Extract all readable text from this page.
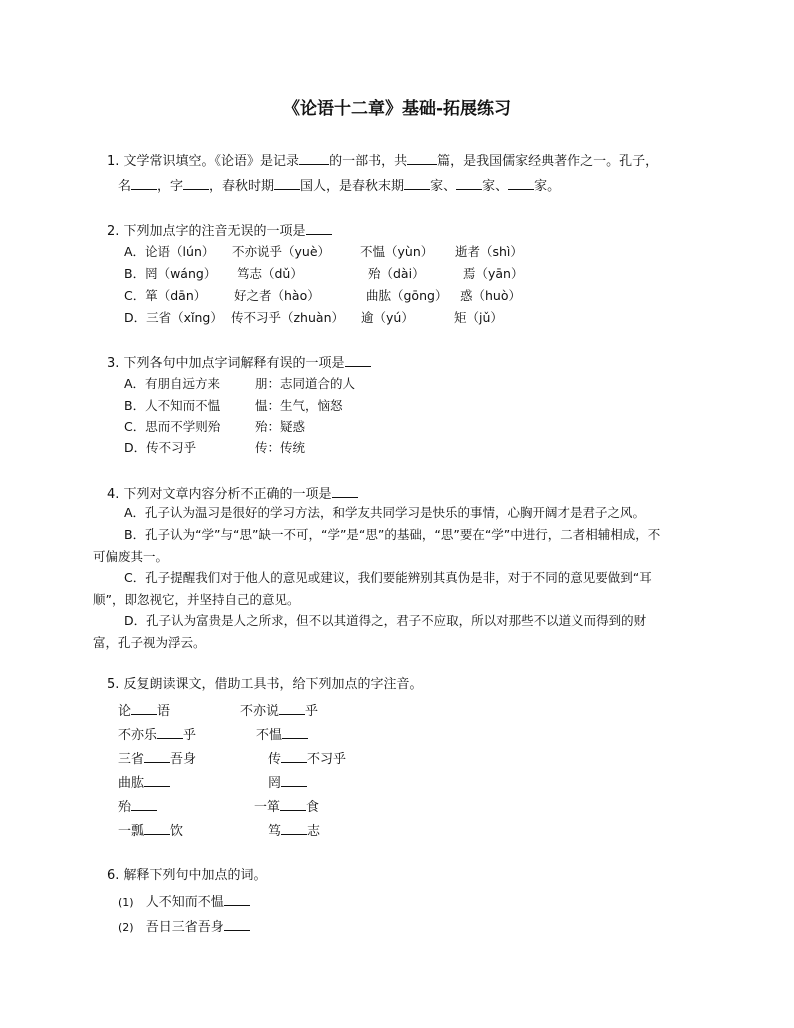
《论语十二章》基础-拓展练习
1. 文学常识填空。《论语》是记录 的一部书，共 篇，是我国儒家经典著作之一。孔子，
名 ，字 ，春秋时期 国人，是春秋末期 家、 家、 家。
2. 下列加点字的注音无误的一项是
A．论语（lún） 不亦说乎（yuè） 不愠（yùn） 逝者（shì）
B．罔（wáng） 笃志（dǔ）	殆（dài）	焉（yān）
C．箪（dān） 好之者（hào）	曲肱（gōng） 惑（huò）
D．三省（xǐng） 传不习乎（zhuàn） 逾（yú）	矩（jǔ）
3. 下列各句中加点字词解释有误的一项是
A．有朋自远方来	朋：志同道合的人
B．人不知而不愠	愠：生气，恼怒
C．思而不学则殆	殆：疑惑
D．传不习乎	传：传统
4. 下列对文章内容分析不正确的一项是
A．孔子认为温习是很好的学习方法，和学友共同学习是快乐的事情，心胸开阔才是君子之风。
B．孔子认为“学”与“思”缺一不可，“学”是“思”的基础，“思”要在“学”中进行，二者相辅相成，不
可偏废其一。
C．孔子提醒我们对于他人的意见或建议，我们要能辨别其真伪是非，对于不同的意见要做到“耳
顺”，即忽视它，并坚持自己的意见。
D．孔子认为富贵是人之所求，但不以其道得之，君子不应取，所以对那些不以道义而得到的财
富，孔子视为浮云。
5. 反复朗读课文，借助工具书，给下列加点的字注音。
论 语	不亦说 乎
不亦乐 乎	不愠
三省 吾身	传 不习乎
曲肱	罔
殆	一箪 食
一瓢 饮	笃 志
6. 解释下列句中加点的词。
(1) 人不知而不愠
(2) 吾日三省吾身
